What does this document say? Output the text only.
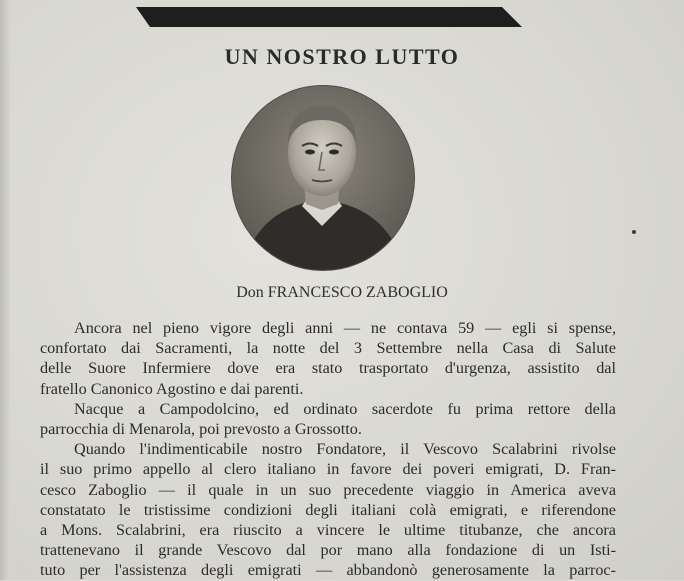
UN NOSTRO LUTTO
Don FRANCESCO ZABOGLIO
Ancora nel pieno vigore degli anni — ne contava 59 — egli si spense,
confortato dai Sacramenti, la notte del 3 Settembre nella Casa di Salute
delle Suore Infermiere dove era stato trasportato d'urgenza, assistito dal
fratello Canonico Agostino e dai parenti.
Nacque a Campodolcino, ed ordinato sacerdote fu prima rettore della
parrocchia di Menarola, poi prevosto a Grossotto.
Quando l'indimenticabile nostro Fondatore, il Vescovo Scalabrini rivolse
il suo primo appello al clero italiano in favore dei poveri emigrati, D. Fran-
cesco Zaboglio — il quale in un suo precedente viaggio in America aveva
constatato le tristissime condizioni degli italiani colà emigrati, e riferendone
a Mons. Scalabrini, era riuscito a vincere le ultime titubanze, che ancora
trattenevano il grande Vescovo dal por mano alla fondazione di un Isti-
tuto per l'assistenza degli emigrati — abbandonò generosamente la parroc-
